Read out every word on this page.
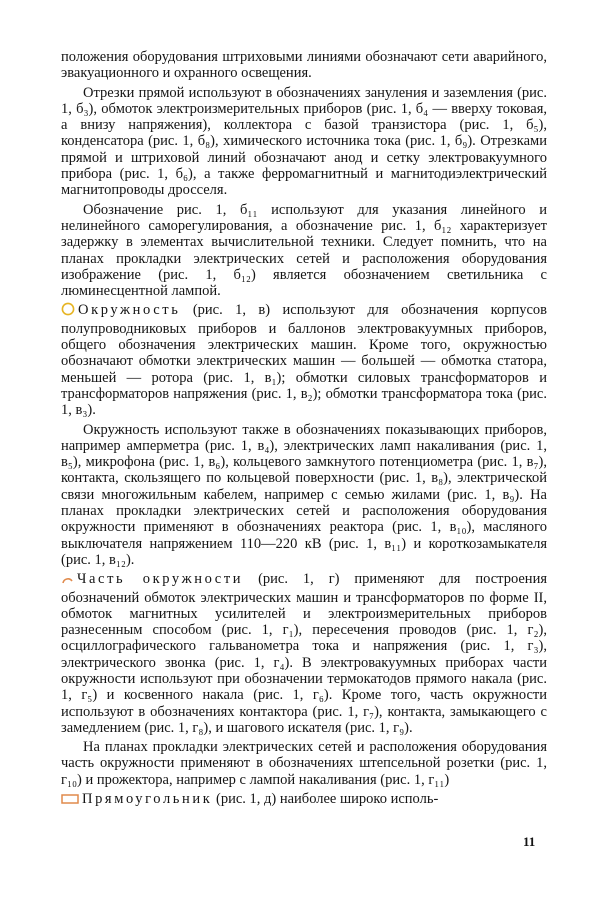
положения оборудования штриховыми линиями обозначают сети аварийного, эвакуационного и охранного освещения.

Отрезки прямой используют в обозначениях зануления и заземления (рис. 1, б₃), обмоток электроизмерительных приборов (рис. 1, б₄ — вверху токовая, а внизу напряжения), коллектора с базой транзистора (рис. 1, б₅), конденсатора (рис. 1, б₈), химического источника тока (рис. 1, б₉). Отрезками прямой и штриховой линий обозначают анод и сетку электровакуумного прибора (рис. 1, б₆), а также ферромагнитный и магнитодиэлектрический магнитопроводы дросселя.

Обозначение рис. 1, б₁₁ используют для указания линейного и нелинейного саморегулирования, а обозначение рис. 1, б₁₂ характеризует задержку в элементах вычислительной техники. Следует помнить, что на планах прокладки электрических сетей и расположения оборудования изображение (рис. 1, б₁₂) является обозначением светильника с люминесцентной лампой.

Окружность (рис. 1, в) используют для обозначения корпусов полупроводниковых приборов и баллонов электровакуумных приборов, общего обозначения электрических машин. Кроме того, окружностью обозначают обмотки электрических машин — большей — обмотка статора, меньшей — ротора (рис. 1, в₁); обмотки силовых трансформаторов и трансформаторов напряжения (рис. 1, в₂); обмотки трансформатора тока (рис. 1, в₃).

Окружность используют также в обозначениях показывающих приборов, например амперметра (рис. 1, в₄), электрических ламп накаливания (рис. 1, в₅), микрофона (рис. 1, в₆), кольцевого замкнутого потенциометра (рис. 1, в₇), контакта, скользящего по кольцевой поверхности (рис. 1, в₈), электрической связи многожильным кабелем, например с семью жилами (рис. 1, в₉). На планах прокладки электрических сетей и расположения оборудования окружности применяют в обозначениях реактора (рис. 1, в₁₀), масляного выключателя напряжением 110—220 кВ (рис. 1, в₁₁) и короткозамыкателя (рис. 1, в₁₂).

Часть окружности (рис. 1, г) применяют для построения обозначений обмоток электрических машин и трансформаторов по форме II, обмоток магнитных усилителей и электроизмерительных приборов разнесенным способом (рис. 1, г₁), пересечения проводов (рис. 1, г₂), осциллографического гальванометра тока и напряжения (рис. 1, г₃), электрического звонка (рис. 1, г₄). В электровакуумных приборах части окружности используют при обозначении термокатодов прямого накала (рис. 1, г₅) и косвенного накала (рис. 1, г₆). Кроме того, часть окружности используют в обозначениях контактора (рис. 1, г₇), контакта, замыкающего с замедлением (рис. 1, г₈), и шагового искателя (рис. 1, г₉).

На планах прокладки электрических сетей и расположения оборудования часть окружности применяют в обозначениях штепсельной розетки (рис. 1, г₁₀) и прожектора, например с лампой накаливания (рис. 1, г₁₁)

Прямоугольник (рис. 1, д) наиболее широко исполь-

11
